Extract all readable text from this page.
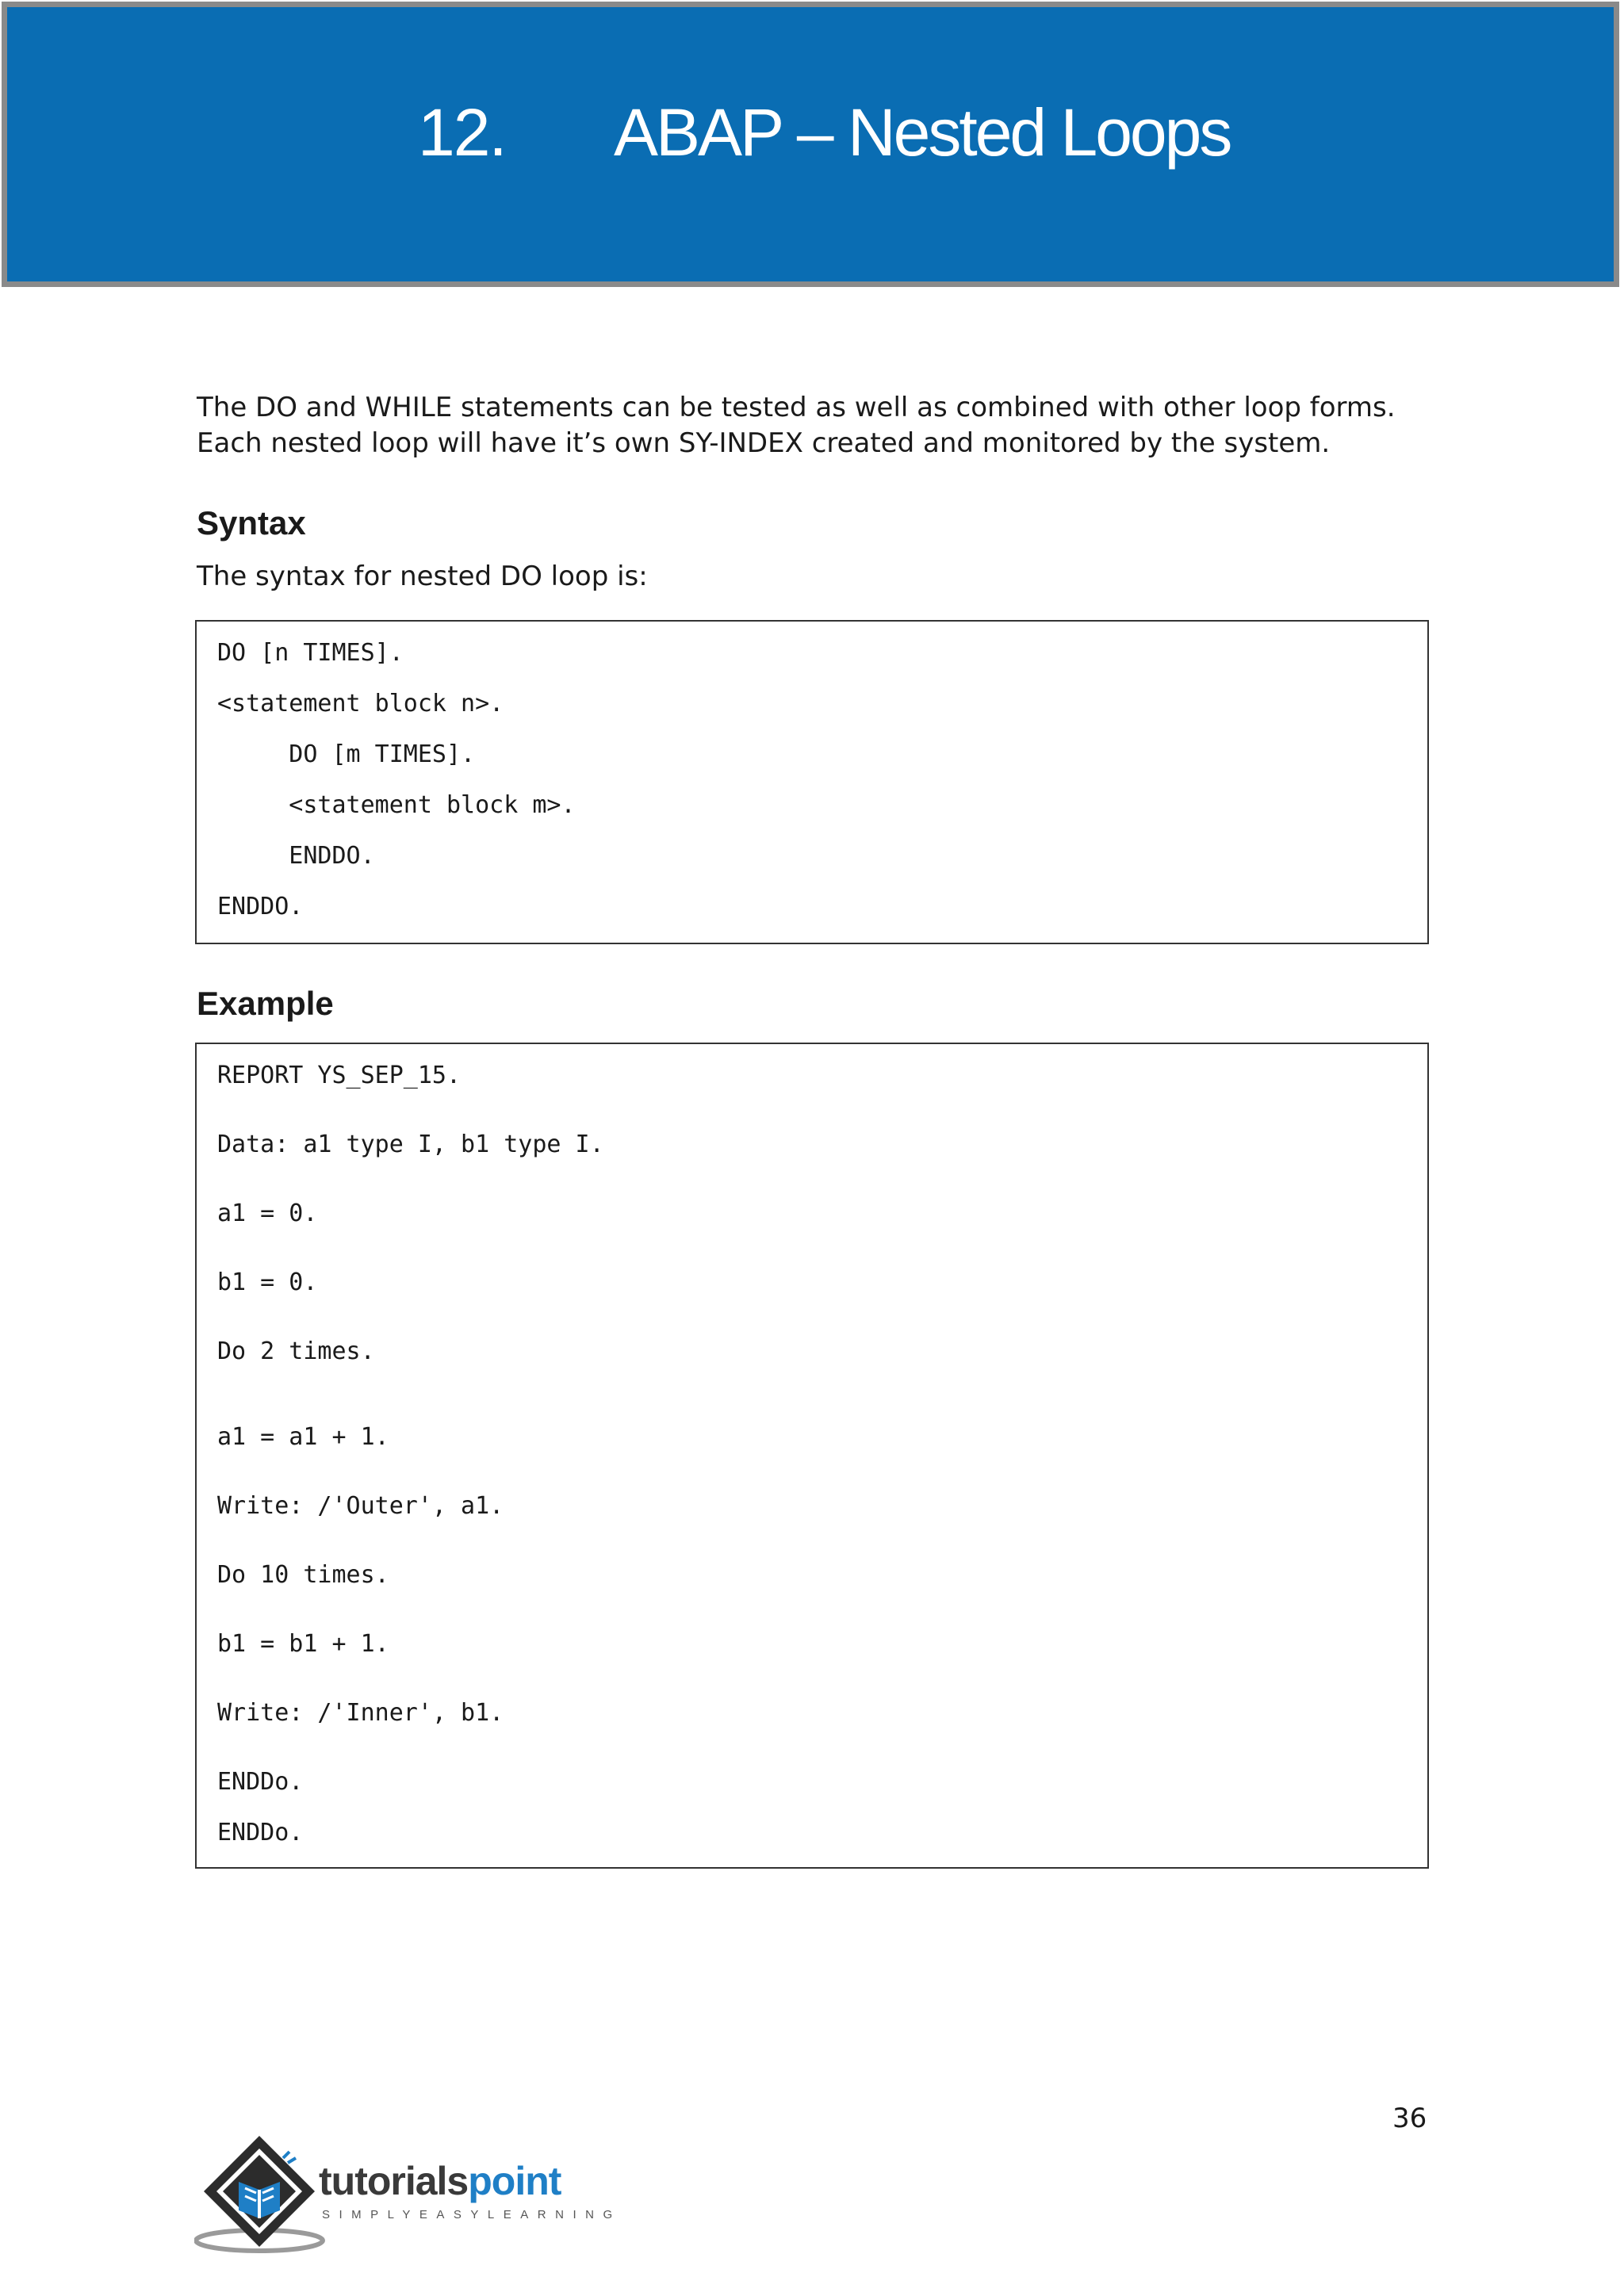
12. ABAP – Nested Loops

The DO and WHILE statements can be tested as well as combined with other loop forms.

Each nested loop will have it’s own SY-INDEX created and monitored by the system.

Syntax

The syntax for nested DO loop is:

DO [n TIMES].
<statement block n>.
DO [m TIMES].
<statement block m>.
ENDDO.
ENDDO.
Example
REPORT YS_SEP_15.
Data: a1 type I, b1 type I.
a1 = 0.
b1 = 0.
Do 2 times.
a1 = a1 + 1.
Write: /'Outer', a1.
Do 10 times.
b1 = b1 + 1.
Write: /'Inner', b1.
ENDDo.
ENDDo.
36
tutorialspoint
SIMPLYEASYLEARNING
